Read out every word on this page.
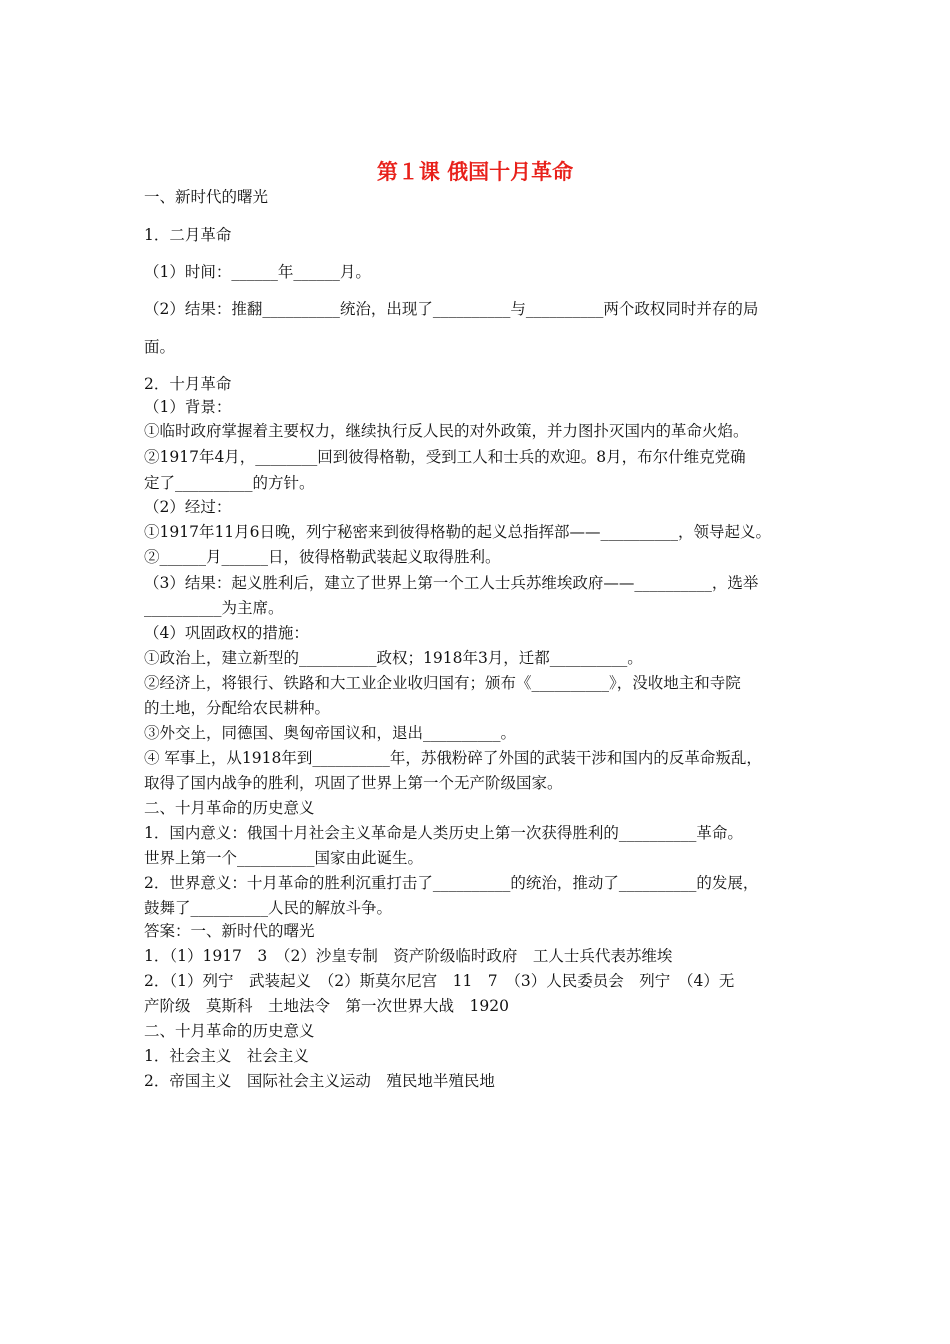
第１课 俄国十月革命
一、新时代的曙光
1．二月革命
（1）时间：______年______月。
（2）结果：推翻__________统治，出现了__________与__________两个政权同时并存的局
面。
2．十月革命
（1）背景：
①临时政府掌握着主要权力，继续执行反人民的对外政策，并力图扑灭国内的革命火焰。
②1917年4月，________回到彼得格勒，受到工人和士兵的欢迎。8月，布尔什维克党确
定了__________的方针。
（2）经过：
①1917年11月6日晚，列宁秘密来到彼得格勒的起义总指挥部——__________，领导起义。
②______月______日，彼得格勒武装起义取得胜利。
（3）结果：起义胜利后，建立了世界上第一个工人士兵苏维埃政府——__________，选举
__________为主席。
（4）巩固政权的措施：
①政治上，建立新型的__________政权；1918年3月，迁都__________。
②经济上，将银行、铁路和大工业企业收归国有；颁布《__________》，没收地主和寺院
的土地，分配给农民耕种。
③外交上，同德国、奥匈帝国议和，退出__________。
④ 军事上，从1918年到__________年，苏俄粉碎了外国的武装干涉和国内的反革命叛乱，
取得了国内战争的胜利，巩固了世界上第一个无产阶级国家。
二、十月革命的历史意义
1．国内意义：俄国十月社会主义革命是人类历史上第一次获得胜利的__________革命。
世界上第一个__________国家由此诞生。
2．世界意义：十月革命的胜利沉重打击了__________的统治，推动了__________的发展，
鼓舞了__________人民的解放斗争。
答案：一、新时代的曙光
1．（1）1917　3　（2）沙皇专制　资产阶级临时政府　工人士兵代表苏维埃
2．（1）列宁　武装起义　（2）斯莫尔尼宫　11　7　（3）人民委员会　列宁　（4）无
产阶级　莫斯科　土地法令　第一次世界大战　1920
二、十月革命的历史意义
1．社会主义　社会主义
2．帝国主义　国际社会主义运动　殖民地半殖民地
